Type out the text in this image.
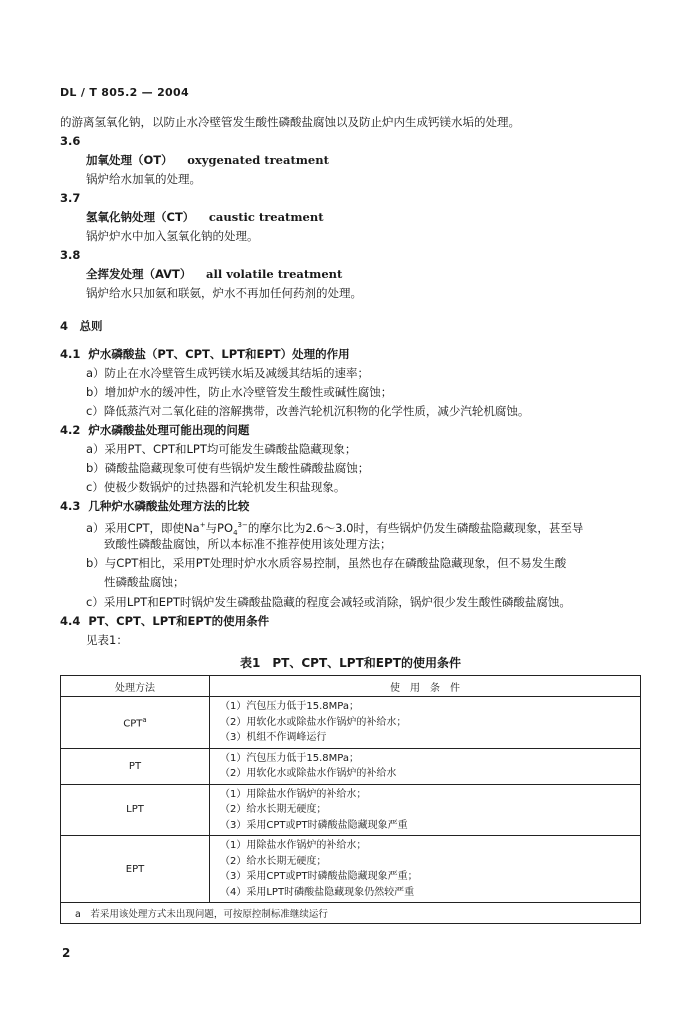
DL / T 805.2 — 2004
的游离氢氧化钠，以防止水冷壁管发生酸性磷酸盐腐蚀以及防止炉内生成钙镁水垢的处理。
3.6
加氧处理（OT） oxygenated treatment
锅炉给水加氧的处理。
3.7
氢氧化钠处理（CT） caustic treatment
锅炉炉水中加入氢氧化钠的处理。
3.8
全挥发处理（AVT） all volatile treatment
锅炉给水只加氨和联氨，炉水不再加任何药剂的处理。
4　总则
4.1 炉水磷酸盐（PT、CPT、LPT和EPT）处理的作用
a）防止在水冷壁管生成钙镁水垢及减缓其结垢的速率；
b）增加炉水的缓冲性，防止水冷壁管发生酸性或碱性腐蚀；
c）降低蒸汽对二氧化硅的溶解携带，改善汽轮机沉积物的化学性质，减少汽轮机腐蚀。
4.2 炉水磷酸盐处理可能出现的问题
a）采用PT、CPT和LPT均可能发生磷酸盐隐藏现象；
b）磷酸盐隐藏现象可使有些锅炉发生酸性磷酸盐腐蚀；
c）使极少数锅炉的过热器和汽轮机发生积盐现象。
4.3 几种炉水磷酸盐处理方法的比较
a）采用CPT，即使Na+与$PO_4^{3-}$的摩尔比为2.6～3.0时，有些锅炉仍发生磷酸盐隐藏现象，甚至导
致酸性磷酸盐腐蚀，所以本标准不推荐使用该处理方法；
b）与CPT相比，采用PT处理时炉水水质容易控制，虽然也存在磷酸盐隐藏现象，但不易发生酸
性磷酸盐腐蚀；
c）采用LPT和EPT时锅炉发生磷酸盐隐藏的程度会减轻或消除，锅炉很少发生酸性磷酸盐腐蚀。
4.4 PT、CPT、LPT和EPT的使用条件
见表1：
表1　PT、CPT、LPT和EPT的使用条件
处理方法	使　用　条　件
CPT$^a$	（1）汽包压力低于15.8MPa；
（2）用软化水或除盐水作锅炉的补给水；
（3）机组不作调峰运行

PT	（1）汽包压力低于15.8MPa；
（2）用软化水或除盐水作锅炉的补给水

LPT	（1）用除盐水作锅炉的补给水；
（2）给水长期无硬度；
（3）采用CPT或PT时磷酸盐隐藏现象严重

EPT	（1）用除盐水作锅炉的补给水；
（2）给水长期无硬度；
（3）采用CPT或PT时磷酸盐隐藏现象严重；
（4）采用LPT时磷酸盐隐藏现象仍然较严重

a　若采用该处理方式未出现问题，可按原控制标准继续运行	
2
